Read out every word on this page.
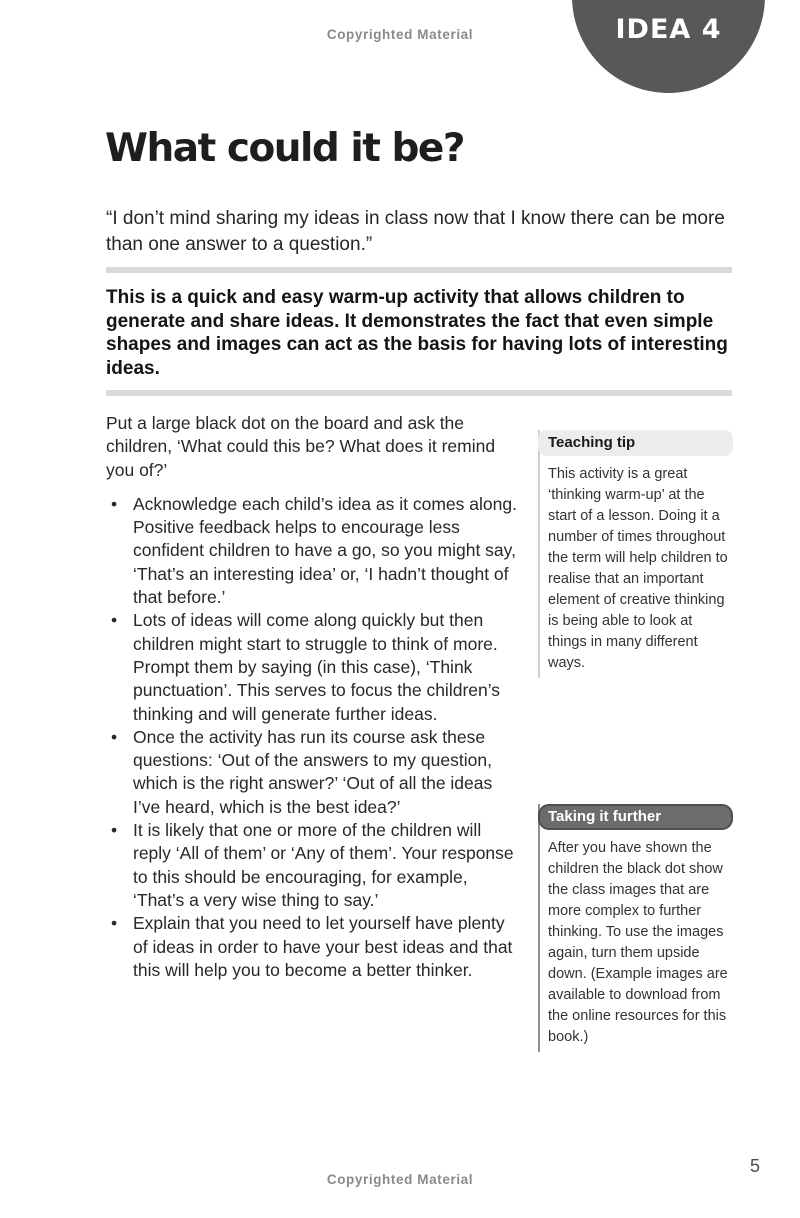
Copyrighted Material	IDEA 4
What could it be?

“I don’t mind sharing my ideas in class now that I know there can be more than one answer to a question.”

This is a quick and easy warm-up activity that allows children to generate and share ideas. It demonstrates the fact that even simple shapes and images can act as the basis for having lots of interesting ideas.

Put a large black dot on the board and ask the children, ‘What could this be? What does it remind you of?’

• Acknowledge each child’s idea as it comes along. Positive feedback helps to encourage less confident children to have a go, so you might say, ‘That’s an interesting idea’ or, ‘I hadn’t thought of that before.’
• Lots of ideas will come along quickly but then children might start to struggle to think of more. Prompt them by saying (in this case), ‘Think punctuation’. This serves to focus the children’s thinking and will generate further ideas.
• Once the activity has run its course ask these questions: ‘Out of the answers to my question, which is the right answer?’ ‘Out of all the ideas I’ve heard, which is the best idea?’
• It is likely that one or more of the children will reply ‘All of them’ or ‘Any of them’. Your response to this should be encouraging, for example, ‘That’s a very wise thing to say.’
• Explain that you need to let yourself have plenty of ideas in order to have your best ideas and that this will help you to become a better thinker.
Teaching tip
This activity is a great ‘thinking warm-up’ at the start of a lesson. Doing it a number of times throughout the term will help children to realise that an important element of creative thinking is being able to look at things in many different ways.
Taking it further
After you have shown the children the black dot show the class images that are more complex to further thinking. To use the images again, turn them upside down. (Example images are available to download from the online resources for this book.)
Copyrighted Material
5
